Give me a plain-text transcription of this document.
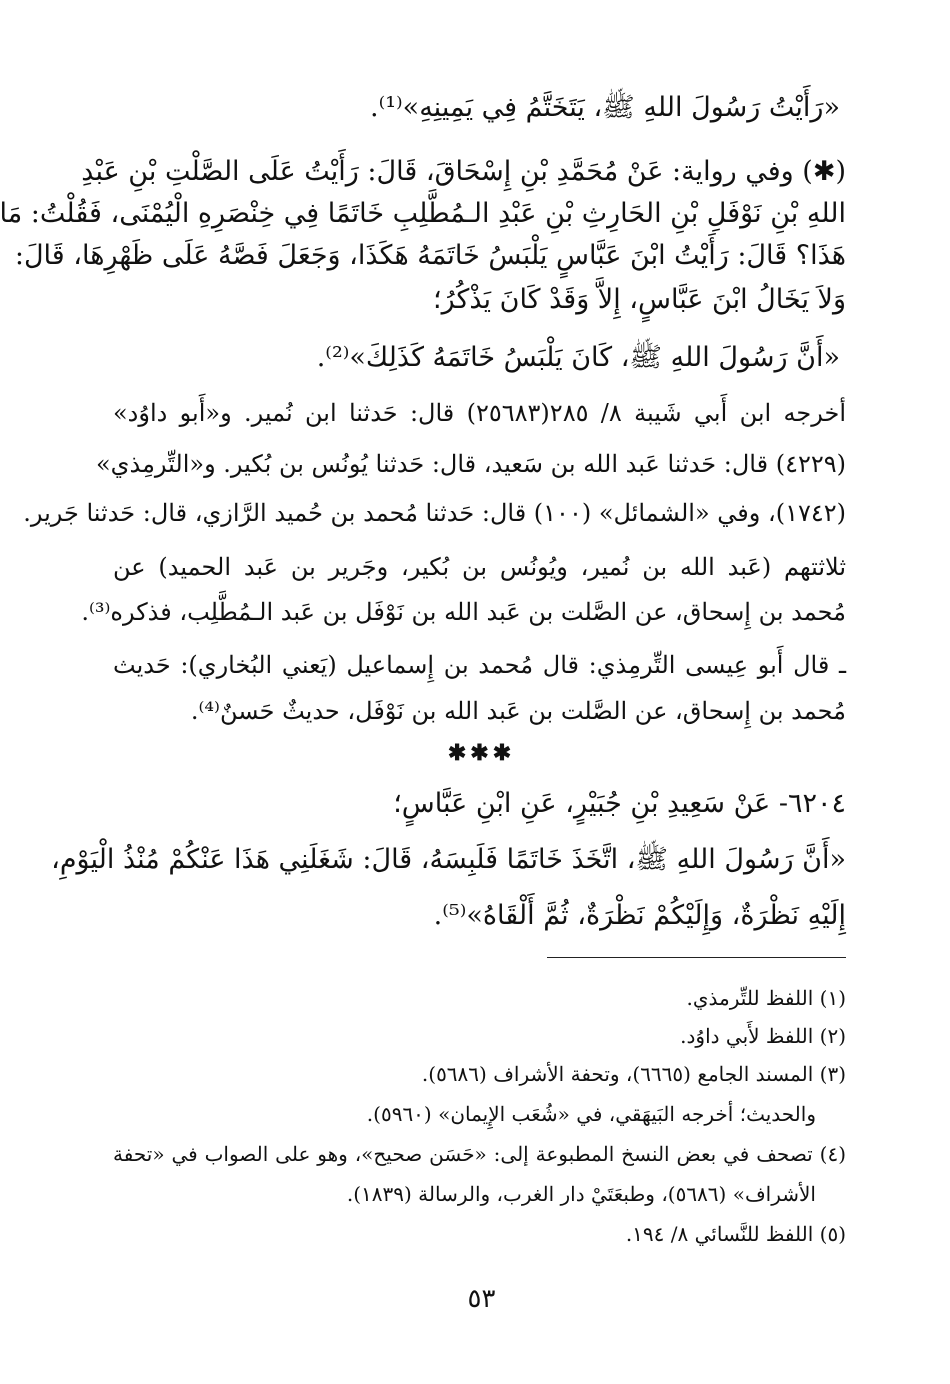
«رَأَيْتُ رَسُولَ اللهِ ﷺ، يَتَخَتَّمُ فِي يَمِينِهِ»⁽¹⁾.
(✱) وفي رواية: عَنْ مُحَمَّدِ بْنِ إِسْحَاقَ، قَالَ: رَأَيْتُ عَلَى الصَّلْتِ بْنِ عَبْدِ
اللهِ بْنِ نَوْفَلِ بْنِ الحَارِثِ بْنِ عَبْدِ الـمُطَّلِبِ خَاتَمًا فِي خِنْصَرِهِ الْيُمْنَى، فَقُلْتُ: مَا
هَذَا؟ قَالَ: رَأَيْتُ ابْنَ عَبَّاسٍ يَلْبَسُ خَاتَمَهُ هَكَذَا، وَجَعَلَ فَصَّهُ عَلَى ظَهْرِهَا، قَالَ:
وَلاَ يَخَالُ ابْنَ عَبَّاسٍ، إِلاَّ وَقَدْ كَانَ يَذْكُرُ؛
«أَنَّ رَسُولَ اللهِ ﷺ، كَانَ يَلْبَسُ خَاتَمَهُ كَذَلِكَ»⁽²⁾.
أخرجه ابن أَبي شَيبة ٨/ ٢٨٥(٢٥٦٨٣) قال: حَدثنا ابن نُمير. و«أَبو داوُد»
(٤٢٢٩) قال: حَدثنا عَبد الله بن سَعيد، قال: حَدثنا يُونُس بن بُكير. و«التِّرمِذي»
(١٧٤٢)، وفي «الشمائل» (١٠٠) قال: حَدثنا مُحمد بن حُميد الرَّازي، قال: حَدثنا جَرير.
ثلاثتهم (عَبد الله بن نُمير، ويُونُس بن بُكير، وجَرير بن عَبد الحميد) عن
مُحمد بن إِسحاق، عن الصَّلت بن عَبد الله بن نَوْفَل بن عَبد الـمُطَّلِب، فذكره⁽³⁾.
ـ قال أَبو عِيسى التِّرمِذي: قال مُحمد بن إِسماعيل (يَعني البُخاري): حَديث
مُحمد بن إِسحاق، عن الصَّلت بن عَبد الله بن نَوْفَل، حديثٌ حَسنٌ⁽⁴⁾.
✱✱✱
٦٢٠٤- عَنْ سَعِيدِ بْنِ جُبَيْرٍ، عَنِ ابْنِ عَبَّاسٍ؛
«أَنَّ رَسُولَ اللهِ ﷺ، اتَّخَذَ خَاتَمًا فَلَبِسَهُ، قَالَ: شَغَلَنِي هَذَا عَنْكُمْ مُنْذُ الْيَوْمِ،
إِلَيْهِ نَظْرَةٌ، وَإِلَيْكُمْ نَظْرَةٌ، ثُمَّ أَلْقَاهُ»⁽⁵⁾.
(١) اللفظ للتِّرمذي.
(٢) اللفظ لأَبي داوُد.
(٣) المسند الجامع (٦٦٦٥)، وتحفة الأشراف (٥٦٨٦).
والحديث؛ أخرجه البَيهَقي، في «شُعَب الإِيمان» (٥٩٦٠).
(٤) تصحف في بعض النسخ المطبوعة إلى: «حَسَن صحيح»، وهو على الصواب في «تحفة
الأشراف» (٥٦٨٦)، وطبعَتَيْ دار الغرب، والرسالة (١٨٣٩).
(٥) اللفظ للنَّسائي ٨/ ١٩٤.
٥٣
